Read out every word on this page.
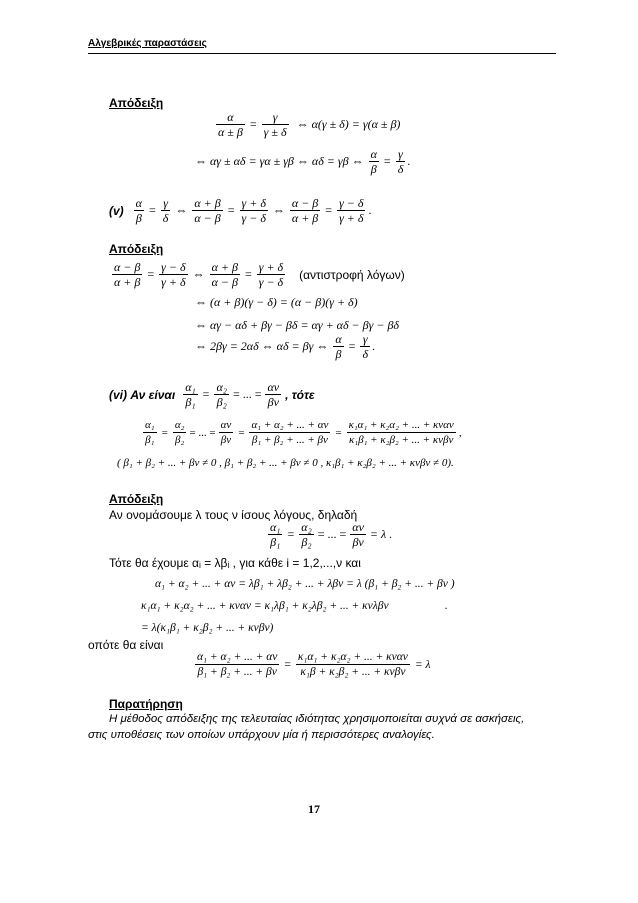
Αλγεβρικές παραστάσεις
Απόδειξη
$\frac{\alpha}{\alpha \pm \beta} = \frac{\gamma}{\gamma \pm \delta}$ ⇔ α(γ ± δ) = γ(α ± β)
⇔ αγ ± αδ = γα ± γβ ⇔ αδ = γβ ⇔ $\frac{\alpha}{\beta} = \frac{\gamma}{\delta}$ .
$(v) \frac{\alpha}{\beta} = \frac{\gamma}{\delta}$ ⇔ $\frac{\alpha + \beta}{\alpha - \beta} = \frac{\gamma + \delta}{\gamma - \delta}$ ⇔ $\frac{\alpha - \beta}{\alpha + \beta} = \frac{\gamma - \delta}{\gamma + \delta}$ .
Απόδειξη
$\frac{\alpha - \beta}{\alpha + \beta} = \frac{\gamma - \delta}{\gamma + \delta}$ ⇔ $\frac{\alpha + \beta}{\alpha - \beta} = \frac{\gamma + \delta}{\gamma - \delta} (\alpha\nu\tau\iota\sigma\tau\rho o\varphi ή$ λόγων)
⇔ (α + β)(γ − δ) = (α − β)(γ + δ)
⇔ αγ − αδ + βγ − βδ = αγ + αδ − βγ − βδ
⇔ 2βγ = 2αδ ⇔ αδ = βγ ⇔ $\frac{\alpha}{\beta} = \frac{\gamma}{\delta}$ .
(vi) Αν είναι $\frac{\text{α₁}}{\text{β₁}} = \frac{\text{α₂}}{\text{β₂}}$ = ... = $\frac{\alpha\nu}{\beta\nu}$ , τότε
$\frac{\text{α₁}}{\text{β₁}} = \frac{\text{α₂}}{\text{β₂}}$ = ... = $\frac{\alpha\nu}{\beta\nu} = \frac{\text{α₁ + α₂ + ... + αν}}{\text{β₁ + β₂ + ... + βν}} = \frac{\text{κ₁α₁ + κ₂α₂ + ... + κναν}}{\text{κ₁β₁ + κ₂β₂ + ... + κνβν}}$ ,
( β₁ + β₂ + ... + βν ≠ 0 , β₁ + β₂ + ... + βν ≠ 0 , κ₁β₁ + κ₂β₂ + ... + κνβν ≠ 0).
Απόδειξη
Αν ονομάσουμε λ τους ν ίσους λόγους, δηλαδή
$\frac{\text{α₁}}{\text{β₁}} = \frac{\text{α₂}}{\text{β₂}}$ = ... = $\frac{\alpha\nu}{\beta\nu} = \lambda$ .
Τότε θα έχουμε αᵢ = λβᵢ , για κάθε i = 1,2,...,ν και
α₁ + α₂ + ... + αν = λβ₁ + λβ₂ + ... + λβν = λ (β₁ + β₂ + ... + βν )
κ₁α₁ + κ₂α₂ + ... + κναν = κ₁λβ₁ + κ₂λβ₂ + ... + κνλβν	.
= λ(κ₁β₁ + κ₂β₂ + ... + κνβν)
οπότε θα είναι
$\frac{\text{α₁ + α₂ + ... + αν}}{\text{β₁ + β₂ + ... + βν}} = \frac{\text{κ₁α₁ + κ₂α₂ + ... + κναν}}{\text{κ₁β + κ₂β₂ + ... + κνβν}} = \lambda$
Παρατήρηση
Η μέθοδος απόδειξης της τελευταίας ιδιότητας χρησιμοποιείται συχνά σε ασκήσεις,
στις υποθέσεις των οποίων υπάρχουν μία ή περισσότερες αναλογίες.
17
